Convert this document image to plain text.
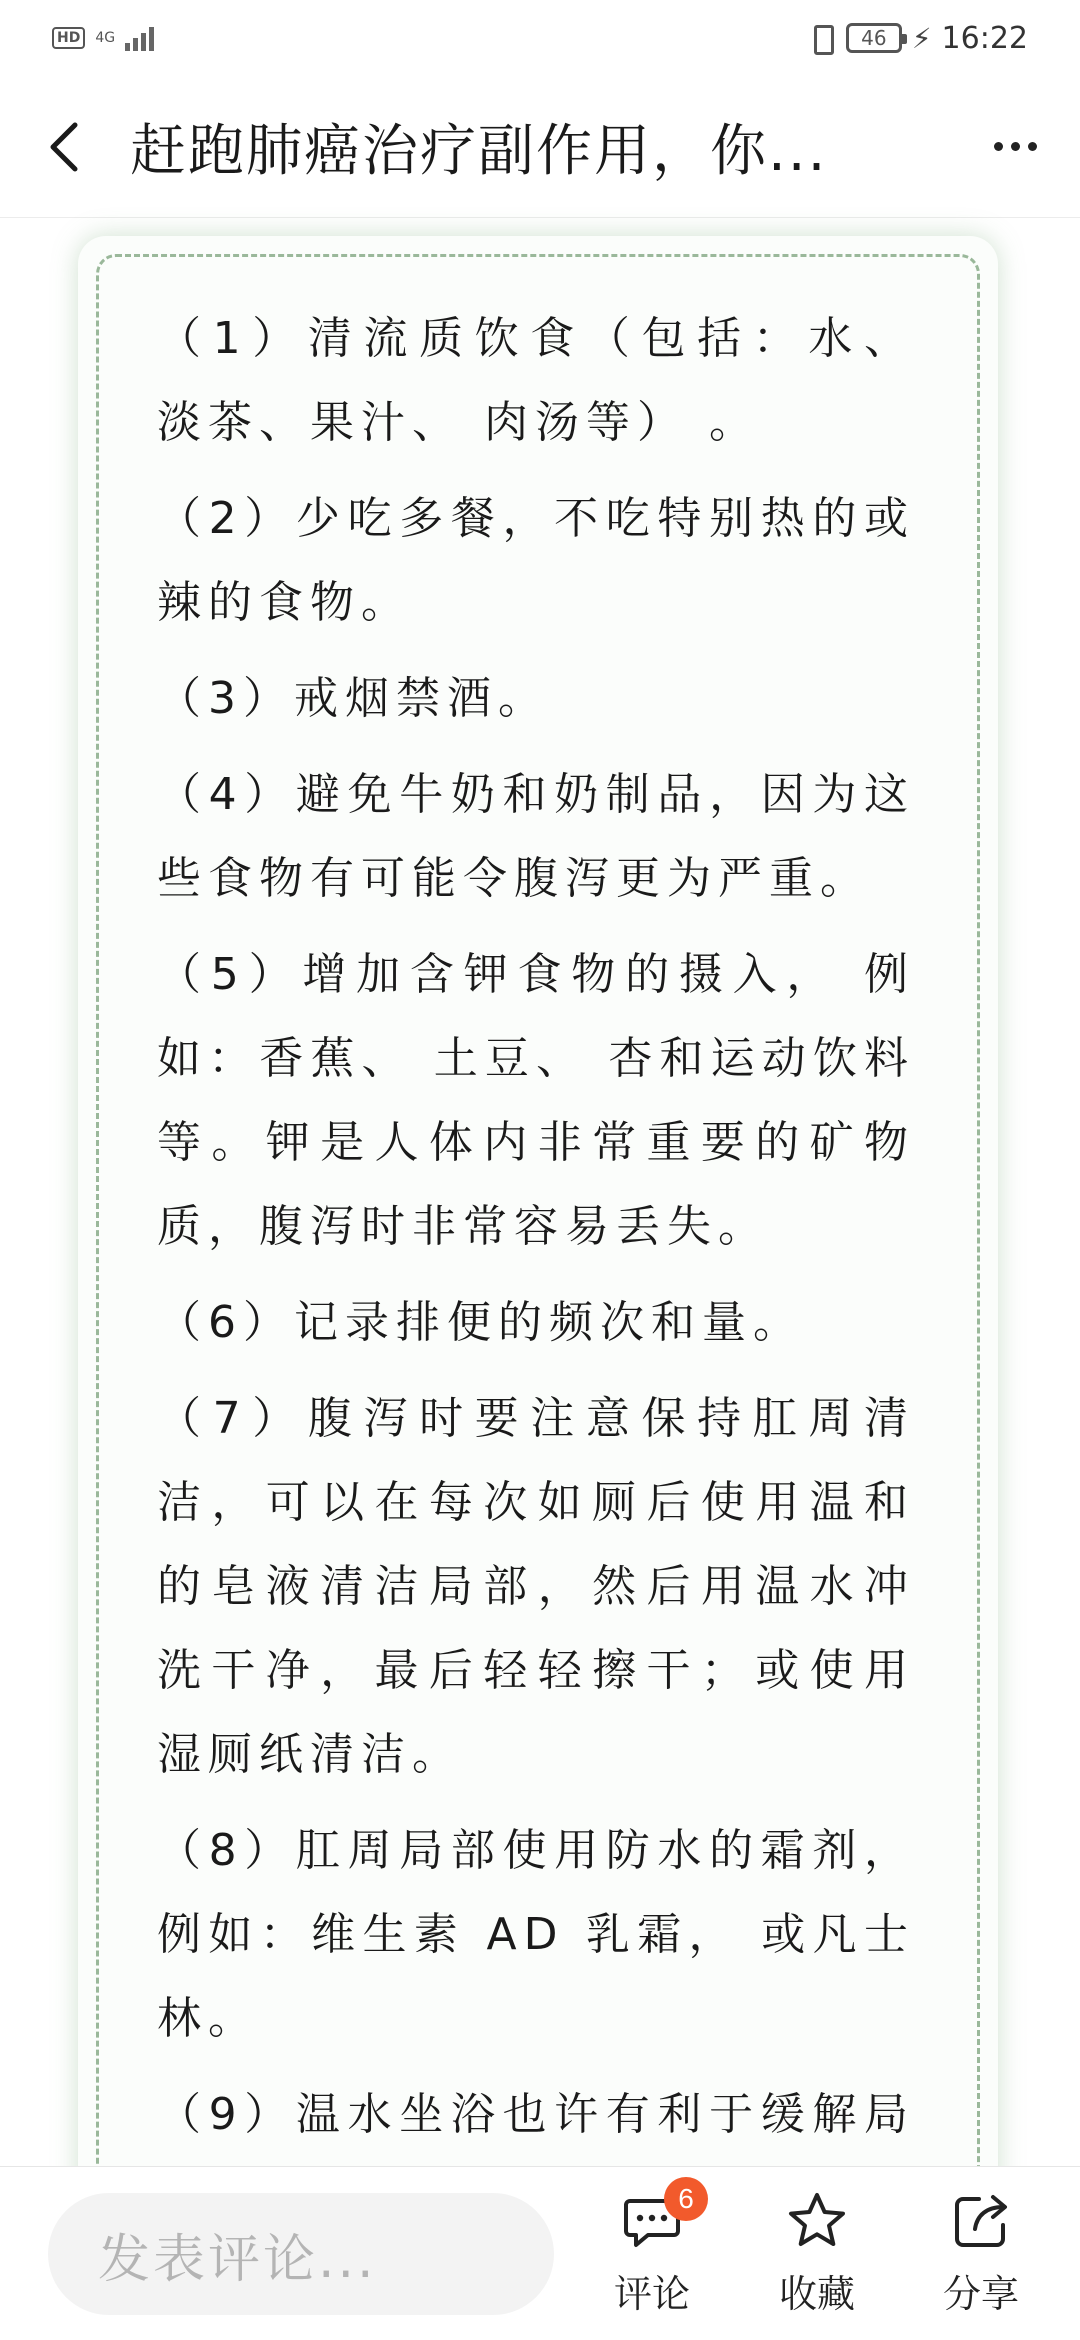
HD	4G	46 ⚡ 16:22
赶跑肺癌治疗副作用，你...

（1）清流质饮食（包括：水、 淡茶、果汁、 肉汤等） 。

（2）少吃多餐，不吃特别热的或辣的食物。

（3）戒烟禁酒。

（4）避免牛奶和奶制品，因为这些食物有可能令腹泻更为严重。

（5）增加含钾食物的摄入， 例如：香蕉、 土豆、 杏和运动饮料等。钾是人体内非常重要的矿物质，腹泻时非常容易丢失。

（6）记录排便的频次和量。

（7）腹泻时要注意保持肛周清洁，可以在每次如厕后使用温和的皂液清洁局部，然后用温水冲洗干净，最后轻轻擦干；或使用湿厕纸清洁。

（8）肛周局部使用防水的霜剂，例如：维生素 AD 乳霜， 或凡士林。

（9）温水坐浴也许有利于缓解局

发表评论...
6
评论 收藏 分享
